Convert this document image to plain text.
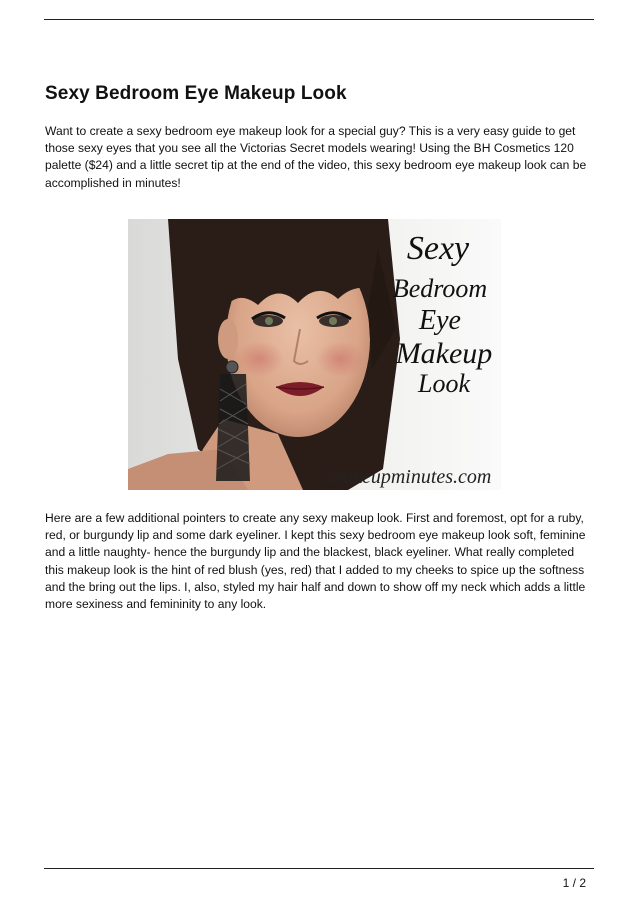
Sexy Bedroom Eye Makeup Look

Want to create a sexy bedroom eye makeup look for a special guy? This is a very easy guide to get those sexy eyes that you see all the Victorias Secret models wearing! Using the BH Cosmetics 120 palette ($24) and a little secret tip at the end of the video, this sexy bedroom eye makeup look can be accomplished in minutes!

Sexy
Bedroom
Eye
Makeup
Look
makeupminutes.com

Here are a few additional pointers to create any sexy makeup look. First and foremost, opt for a ruby, red, or burgundy lip and some dark eyeliner. I kept this sexy bedroom eye makeup look soft, feminine and a little naughty- hence the burgundy lip and the blackest, black eyeliner. What really completed this makeup look is the hint of red blush (yes, red) that I added to my cheeks to spice up the softness and the bring out the lips. I, also, styled my hair half and down to show off my neck which adds a little more sexiness and femininity to any look.

1 / 2
